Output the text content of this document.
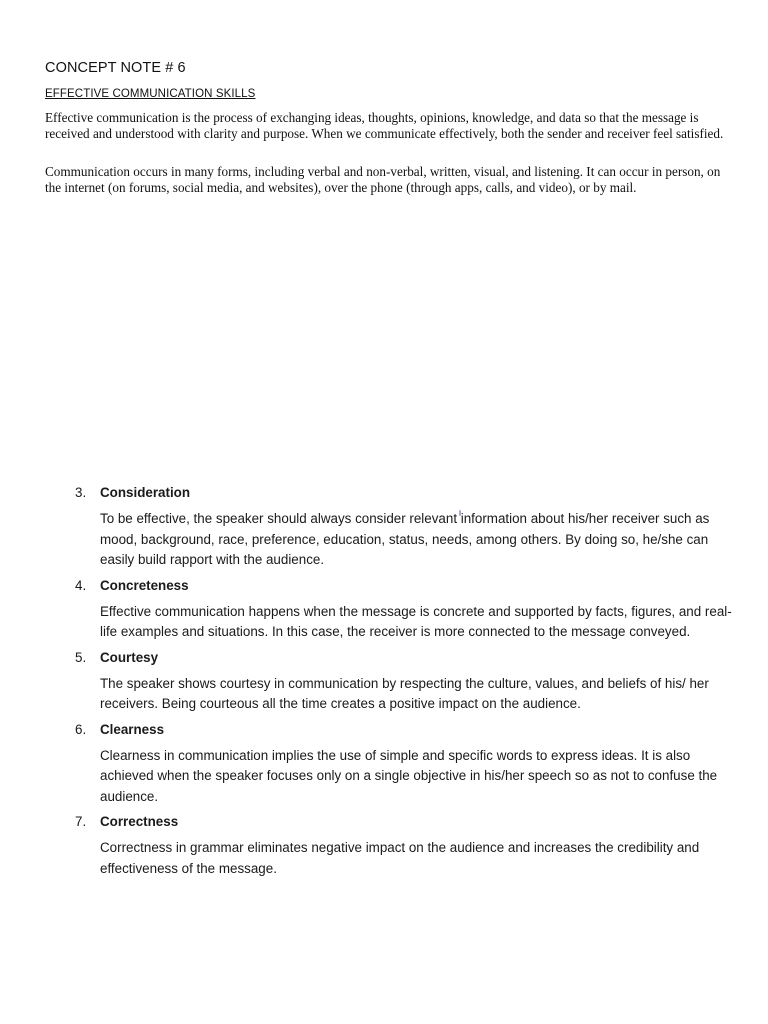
CONCEPT NOTE # 6
EFFECTIVE COMMUNICATION SKILLS

Effective communication is the process of exchanging ideas, thoughts, opinions, knowledge, and data so that the message is received and understood with clarity and purpose. When we communicate effectively, both the sender and receiver feel satisfied.

Communication occurs in many forms, including verbal and non-verbal, written, visual, and listening. It can occur in person, on the internet (on forums, social media, and websites), over the phone (through apps, calls, and video), or by mail.

3. Consideration

To be effective, the speaker should always consider relevant information about his/her receiver such as mood, background, race, preference, education, status, needs, among others. By doing so, he/she can easily build rapport with the audience.

4. Concreteness

Effective communication happens when the message is concrete and supported by facts, figures, and real-life examples and situations. In this case, the receiver is more connected to the message conveyed.

5. Courtesy

The speaker shows courtesy in communication by respecting the culture, values, and beliefs of his/ her receivers. Being courteous all the time creates a positive impact on the audience.

6. Clearness

Clearness in communication implies the use of simple and specific words to express ideas. It is also achieved when the speaker focuses only on a single objective in his/her speech so as not to confuse the audience.

7. Correctness

Correctness in grammar eliminates negative impact on the audience and increases the credibility and effectiveness of the message.
